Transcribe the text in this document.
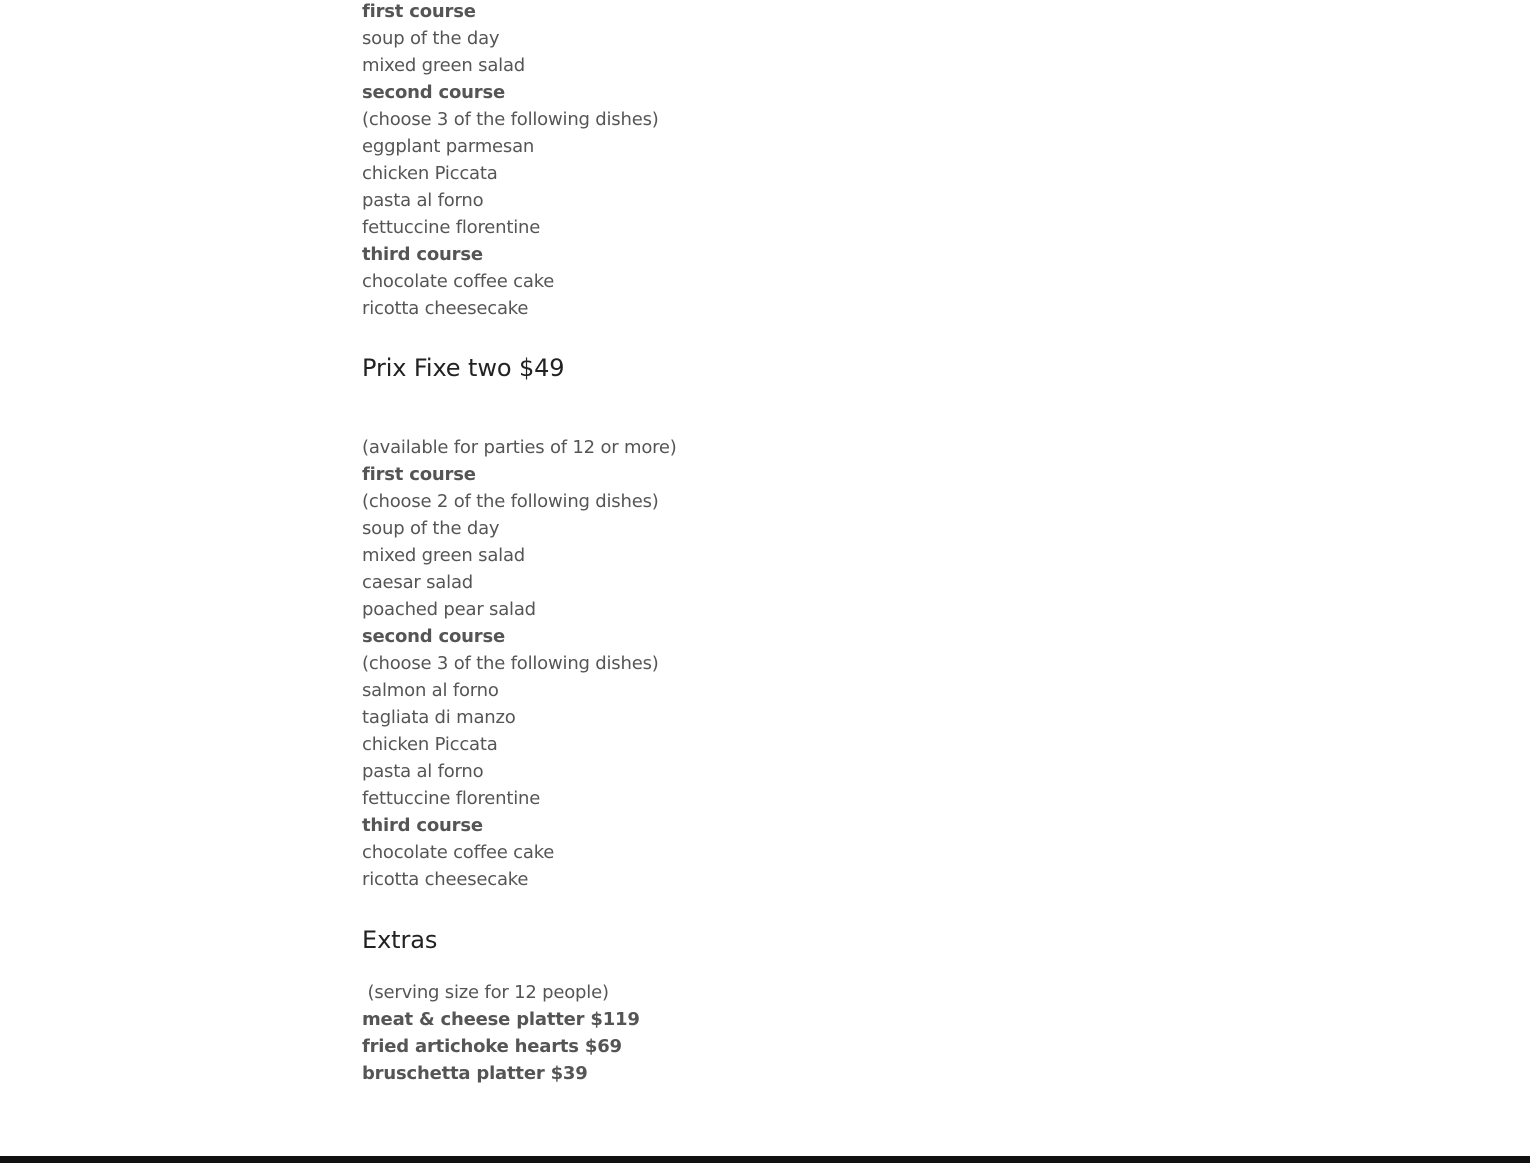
first course
soup of the day
mixed green salad
second course
(choose 3 of the following dishes)
eggplant parmesan
chicken Piccata
pasta al forno
fettuccine florentine
third course
chocolate coffee cake
ricotta cheesecake
Prix Fixe two $49
(available for parties of 12 or more)
first course
(choose 2 of the following dishes)
soup of the day
mixed green salad
caesar salad
poached pear salad
second course
(choose 3 of the following dishes)
salmon al forno
tagliata di manzo
chicken Piccata
pasta al forno
fettuccine florentine
third course
chocolate coffee cake
ricotta cheesecake
Extras
(serving size for 12 people)
meat & cheese platter $119
fried artichoke hearts $69
bruschetta platter $39
